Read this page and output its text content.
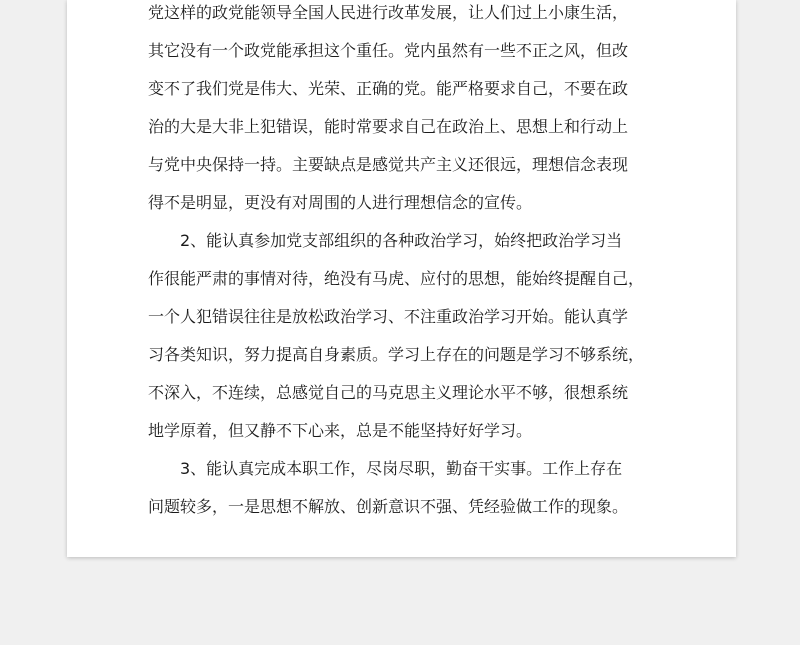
党这样的政党能领导全国人民进行改革发展，让人们过上小康生活，
其它没有一个政党能承担这个重任。党内虽然有一些不正之风，但改
变不了我们党是伟大、光荣、正确的党。能严格要求自己，不要在政
治的大是大非上犯错误，能时常要求自己在政治上、思想上和行动上
与党中央保持一持。主要缺点是感觉共产主义还很远，理想信念表现
得不是明显，更没有对周围的人进行理想信念的宣传。
2、能认真参加党支部组织的各种政治学习，始终把政治学习当
作很能严肃的事情对待，绝没有马虎、应付的思想，能始终提醒自己，
一个人犯错误往往是放松政治学习、不注重政治学习开始。能认真学
习各类知识，努力提高自身素质。学习上存在的问题是学习不够系统，
不深入，不连续，总感觉自己的马克思主义理论水平不够，很想系统
地学原着，但又静不下心来，总是不能坚持好好学习。
3、能认真完成本职工作，尽岗尽职，勤奋干实事。工作上存在
问题较多，一是思想不解放、创新意识不强、凭经验做工作的现象。
